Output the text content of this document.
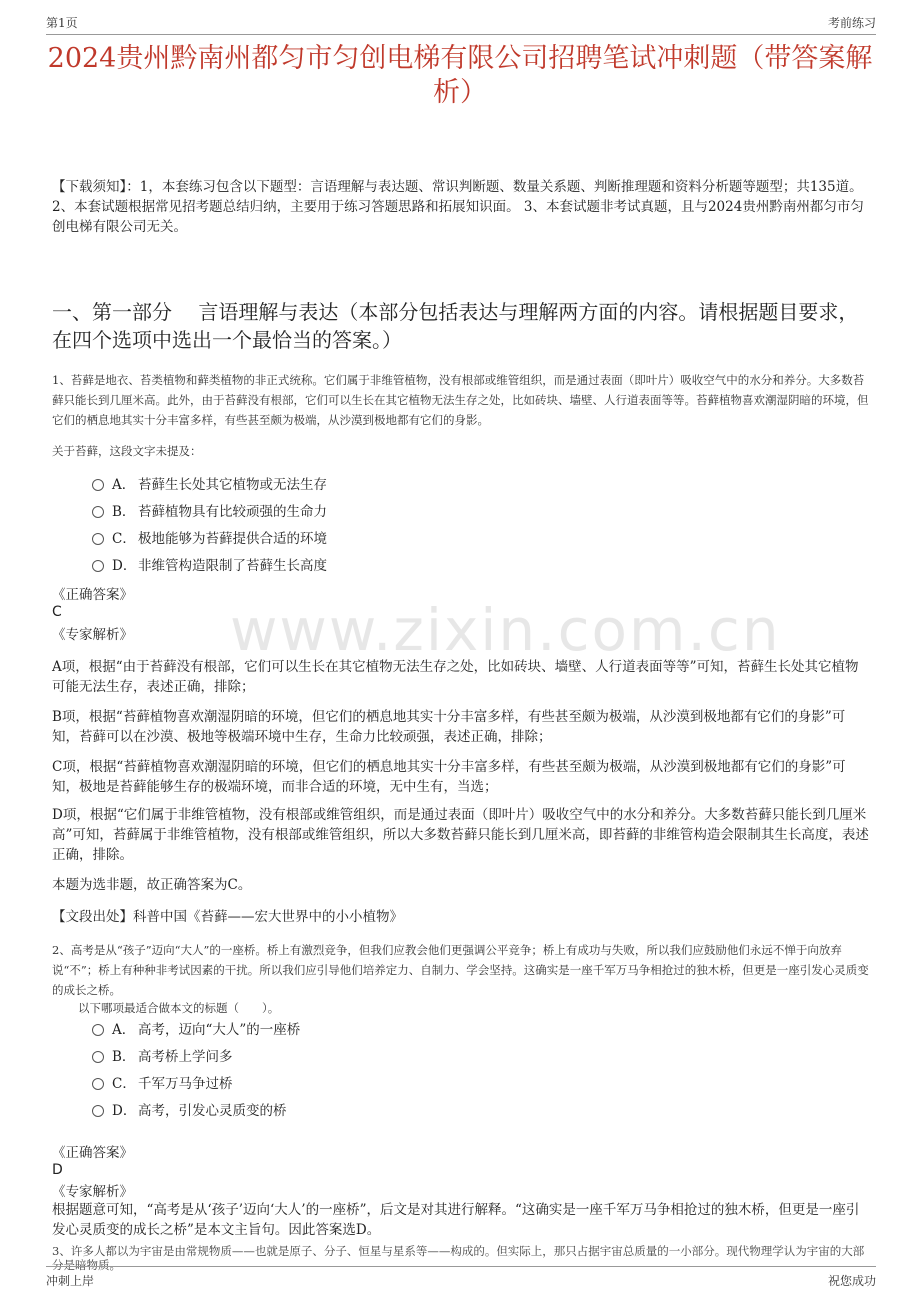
第1页	考前练习
www.zixin.com.cn
2024贵州黔南州都匀市匀创电梯有限公司招聘笔试冲刺题（带答案解析）
【下载须知】：1，本套练习包含以下题型：言语理解与表达题、常识判断题、数量关系题、判断推理题和资料分析题等题型；共135道。 2、本套试题根据常见招考题总结归纳，主要用于练习答题思路和拓展知识面。 3、本套试题非考试真题，且与2024贵州黔南州都匀市匀创电梯有限公司无关。
一、第一部分　 言语理解与表达（本部分包括表达与理解两方面的内容。请根据题目要求，在四个选项中选出一个最恰当的答案。）
1、苔藓是地衣、苔类植物和藓类植物的非正式统称。它们属于非维管植物，没有根部或维管组织，而是通过表面（即叶片）吸收空气中的水分和养分。大多数苔藓只能长到几厘米高。此外，由于苔藓没有根部，它们可以生长在其它植物无法生存之处，比如砖块、墙壁、人行道表面等等。苔藓植物喜欢潮湿阴暗的环境，但它们的栖息地其实十分丰富多样，有些甚至颇为极端，从沙漠到极地都有它们的身影。
关于苔藓，这段文字未提及：
A． 苔藓生长处其它植物或无法生存
B． 苔藓植物具有比较顽强的生命力
C． 极地能够为苔藓提供合适的环境
D． 非维管构造限制了苔藓生长高度
《正确答案》
C
《专家解析》
A项，根据“由于苔藓没有根部，它们可以生长在其它植物无法生存之处，比如砖块、墙壁、人行道表面等等”可知，苔藓生长处其它植物可能无法生存，表述正确，排除；
B项，根据“苔藓植物喜欢潮湿阴暗的环境，但它们的栖息地其实十分丰富多样，有些甚至颇为极端，从沙漠到极地都有它们的身影”可知，苔藓可以在沙漠、极地等极端环境中生存，生命力比较顽强，表述正确，排除；
C项，根据“苔藓植物喜欢潮湿阴暗的环境，但它们的栖息地其实十分丰富多样，有些甚至颇为极端，从沙漠到极地都有它们的身影”可知，极地是苔藓能够生存的极端环境，而非合适的环境，无中生有，当选；
D项，根据“它们属于非维管植物，没有根部或维管组织，而是通过表面（即叶片）吸收空气中的水分和养分。大多数苔藓只能长到几厘米高”可知，苔藓属于非维管植物，没有根部或维管组织，所以大多数苔藓只能长到几厘米高，即苔藓的非维管构造会限制其生长高度，表述正确，排除。
本题为选非题，故正确答案为C。
【文段出处】科普中国《苔藓——宏大世界中的小小植物》
2、高考是从“孩子”迈向“大人”的一座桥。桥上有激烈竞争，但我们应教会他们更强调公平竞争；桥上有成功与失败，所以我们应鼓励他们永远不惮于向放弃说“不”；桥上有种种非考试因素的干扰。所以我们应引导他们培养定力、自制力、学会坚持。这确实是一座千军万马争相抢过的独木桥，但更是一座引发心灵质变的成长之桥。
以下哪项最适合做本文的标题（　　）。
A． 高考，迈向“大人”的一座桥
B． 高考桥上学问多
C． 千军万马争过桥
D． 高考，引发心灵质变的桥
《正确答案》
D
《专家解析》
根据题意可知，“高考是从‘孩子’迈向‘大人’的一座桥”，后文是对其进行解释。“这确实是一座千军万马争相抢过的独木桥，但更是一座引发心灵质变的成长之桥”是本文主旨句。因此答案选D。
3、许多人都以为宇宙是由常规物质——也就是原子、分子、恒星与星系等——构成的。但实际上，那只占据宇宙总质量的一小部分。现代物理学认为宇宙的大部分是暗物质。
冲刺上岸	祝您成功
